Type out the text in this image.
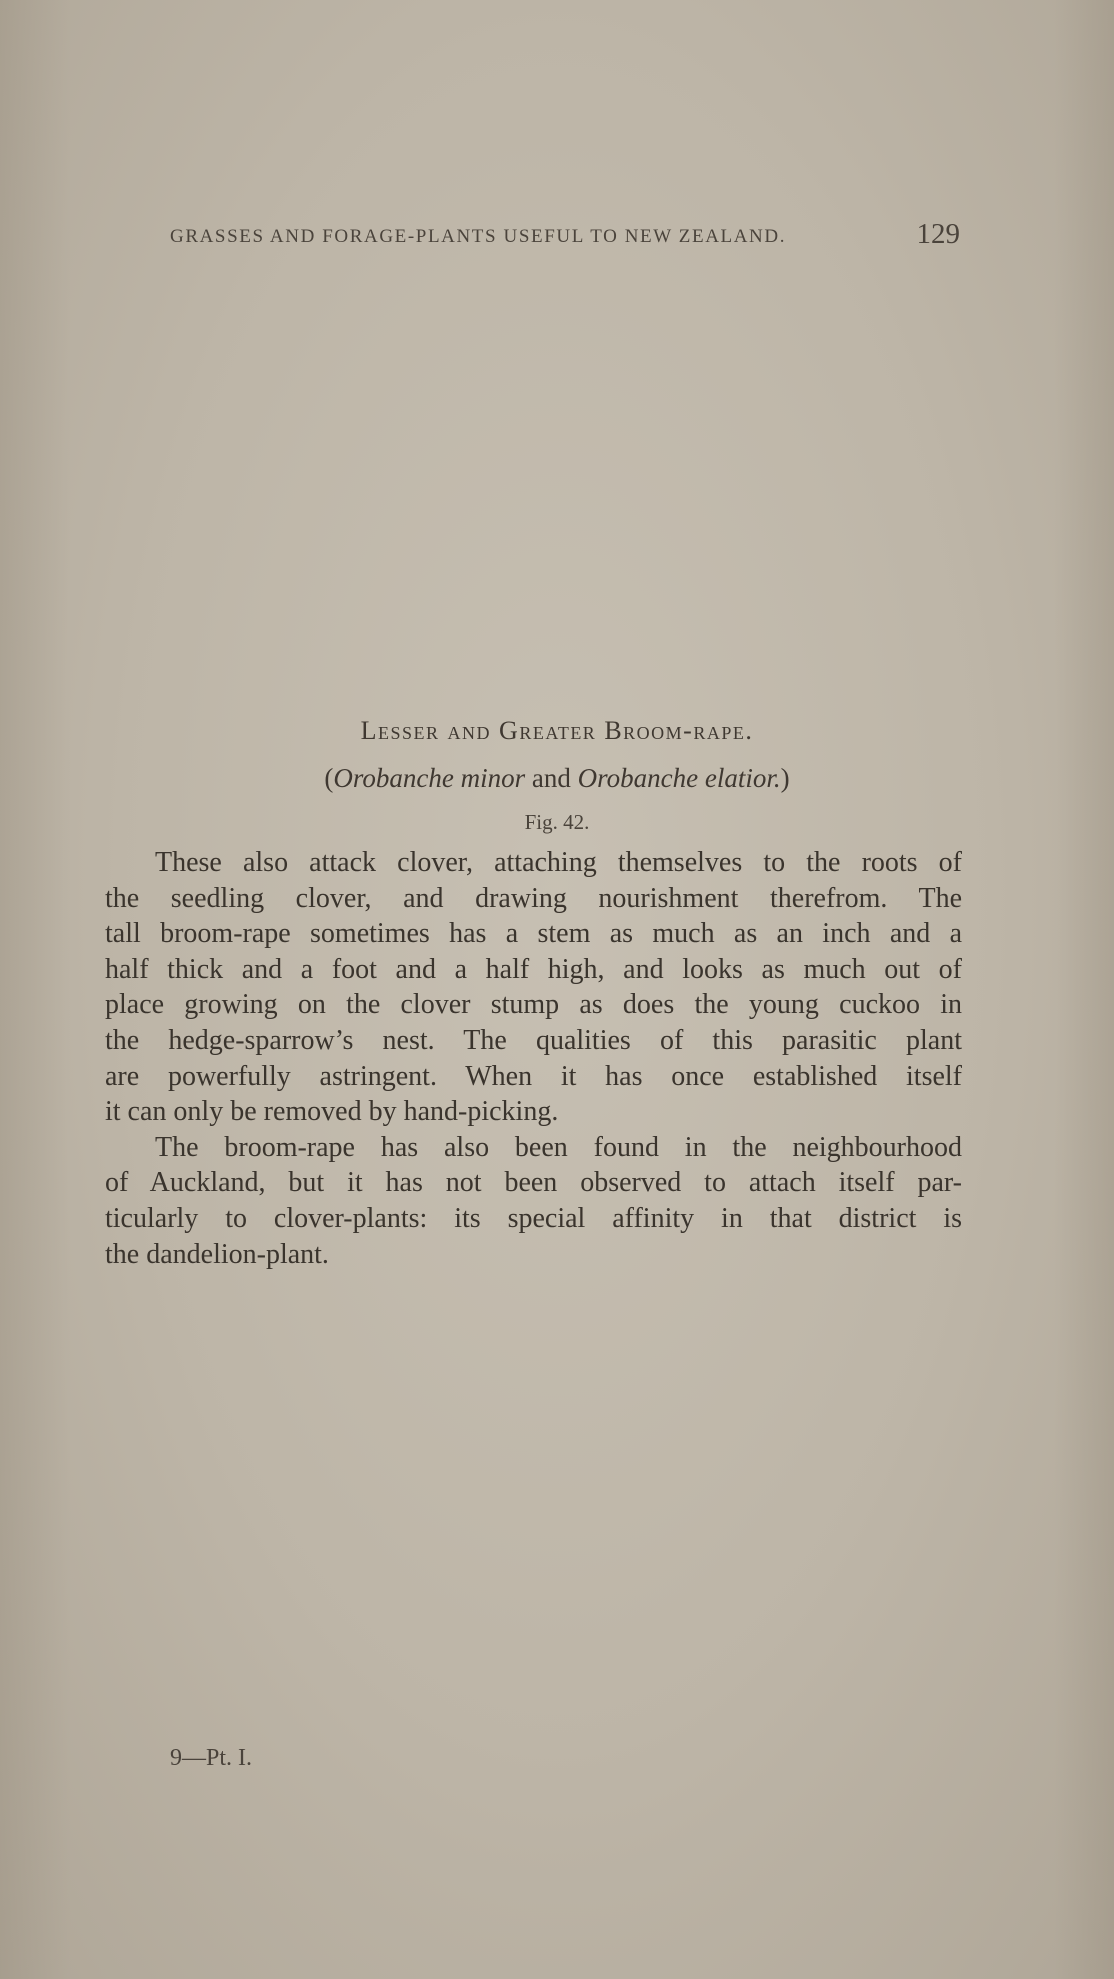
GRASSES AND FORAGE-PLANTS USEFUL TO NEW ZEALAND.	129
Lesser and Greater Broom-rape.
(Orobanche minor and Orobanche elatior.)
Fig. 42.
These also attack clover, attaching themselves to the roots of
the seedling clover, and drawing nourishment therefrom. The
tall broom-rape sometimes has a stem as much as an inch and a
half thick and a foot and a half high, and looks as much out of
place growing on the clover stump as does the young cuckoo in
the hedge-sparrow’s nest. The qualities of this parasitic plant
are powerfully astringent. When it has once established itself
it can only be removed by hand-picking.
The broom-rape has also been found in the neighbourhood
of Auckland, but it has not been observed to attach itself par-
ticularly to clover-plants: its special affinity in that district is
the dandelion-plant.
9—Pt. I.
